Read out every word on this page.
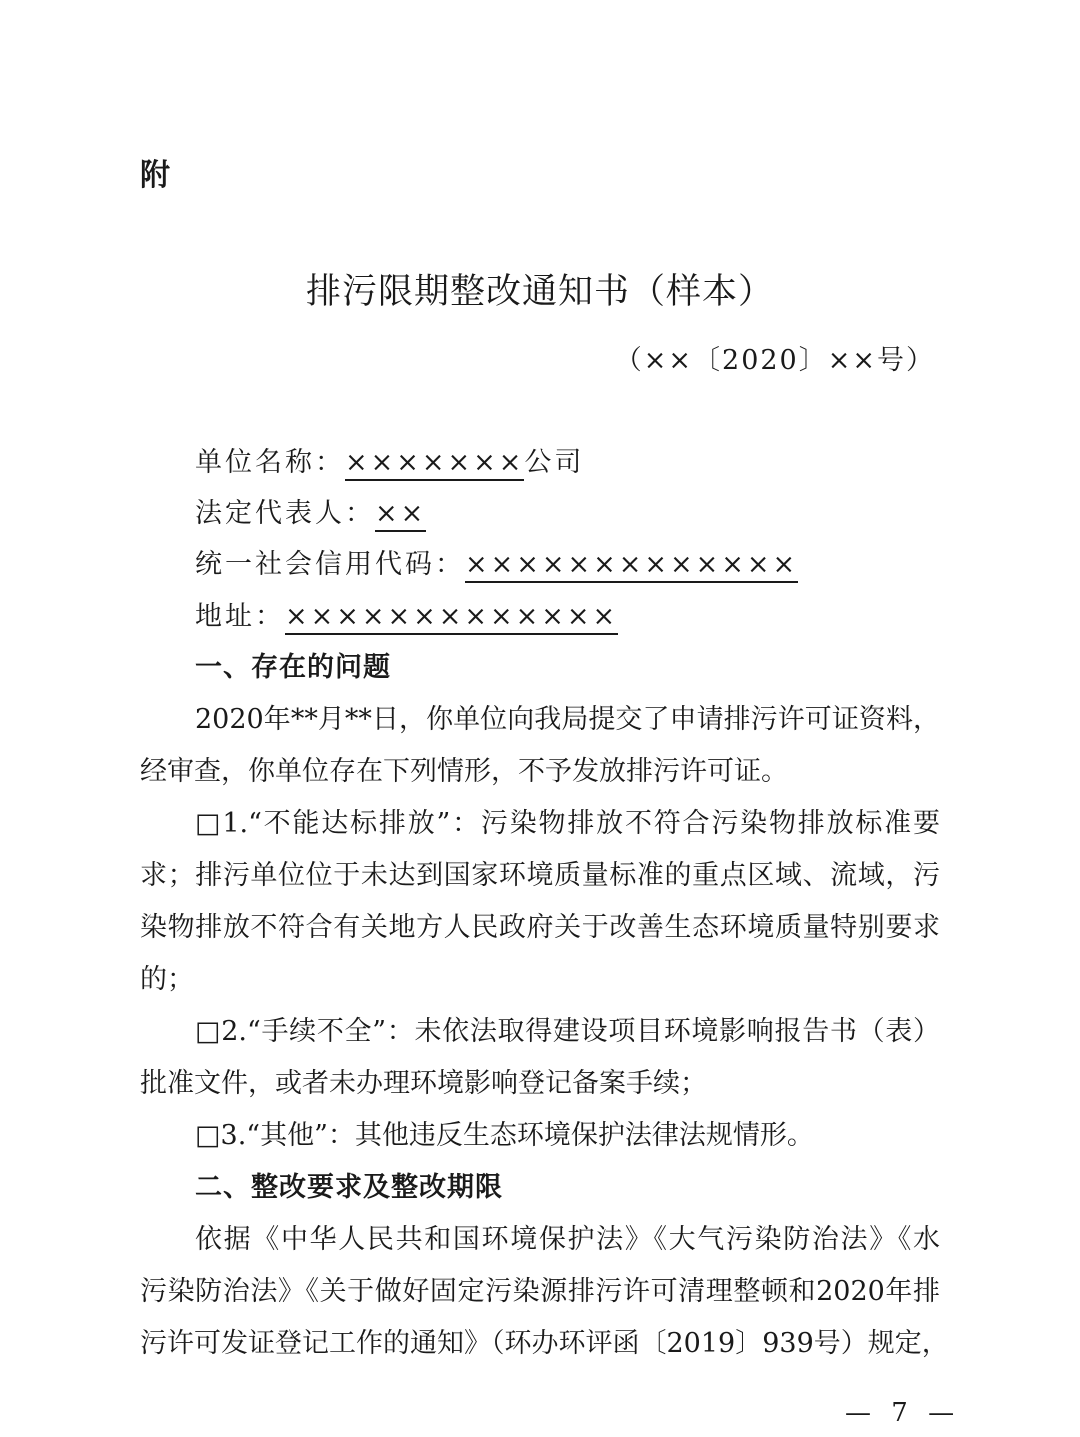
附
排污限期整改通知书（样本）
（××〔2020〕××号）
单位名称：×××××××公司
法定代表人：××
统一社会信用代码：×××××××××××××
地址：×××××××××××××
一、存在的问题
2020年**月**日，你单位向我局提交了申请排污许可证资料，
经审查，你单位存在下列情形，不予发放排污许可证。
□1.“不能达标排放”：污染物排放不符合污染物排放标准要
求；排污单位位于未达到国家环境质量标准的重点区域、流域，污
染物排放不符合有关地方人民政府关于改善生态环境质量特别要求
的；
□2.“手续不全”：未依法取得建设项目环境影响报告书（表）
批准文件，或者未办理环境影响登记备案手续；
□3.“其他”：其他违反生态环境保护法律法规情形。
二、整改要求及整改期限
依据《中华人民共和国环境保护法》《大气污染防治法》《水
污染防治法》《关于做好固定污染源排污许可清理整顿和2020年排
污许可发证登记工作的通知》（环办环评函〔2019〕939号）规定，
— 7 —
